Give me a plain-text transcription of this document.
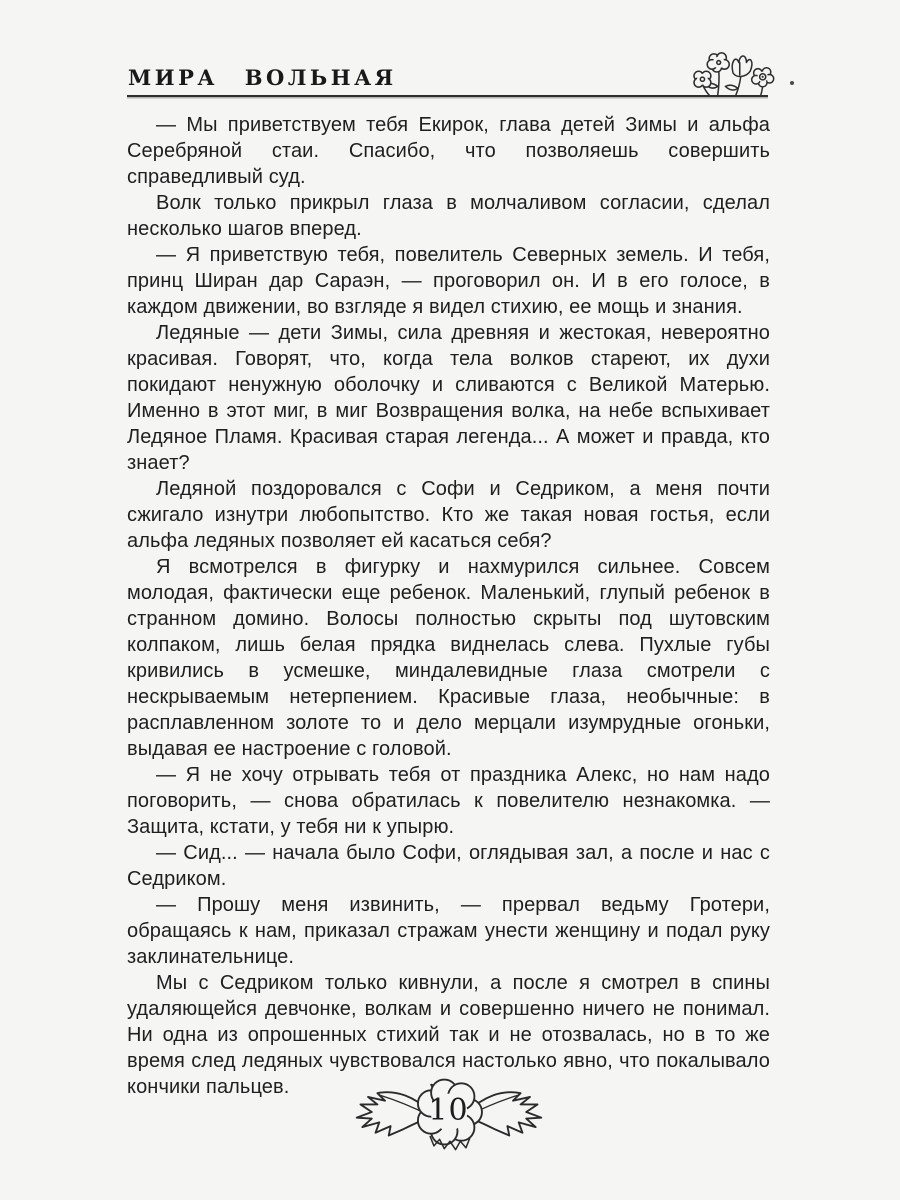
МИРА ВОЛЬНАЯ

— Мы приветствуем тебя Екирок, глава детей Зимы и альфа Серебряной стаи. Спасибо, что позволяешь совершить справедливый суд.

Волк только прикрыл глаза в молчаливом согласии, сделал несколько шагов вперед.

— Я приветствую тебя, повелитель Северных земель. И тебя, принц Ширан дар Сараэн, — проговорил он. И в его голосе, в каждом движении, во взгляде я видел стихию, ее мощь и знания.

Ледяные — дети Зимы, сила древняя и жестокая, невероятно красивая. Говорят, что, когда тела волков стареют, их духи покидают ненужную оболочку и сливаются с Великой Матерью. Именно в этот миг, в миг Возвращения волка, на небе вспыхивает Ледяное Пламя. Красивая старая легенда... А может и правда, кто знает?

Ледяной поздоровался с Софи и Седриком, а меня почти сжигало изнутри любопытство. Кто же такая новая гостья, если альфа ледяных позволяет ей касаться себя?

Я всмотрелся в фигурку и нахмурился сильнее. Совсем молодая, фактически еще ребенок. Маленький, глупый ребенок в странном домино. Волосы полностью скрыты под шутовским колпаком, лишь белая прядка виднелась слева. Пухлые губы кривились в усмешке, миндалевидные глаза смотрели с нескрываемым нетерпением. Красивые глаза, необычные: в расплавленном золоте то и дело мерцали изумрудные огоньки, выдавая ее настроение с головой.

— Я не хочу отрывать тебя от праздника Алекс, но нам надо поговорить, — снова обратилась к повелителю незнакомка. — Защита, кстати, у тебя ни к упырю.

— Сид... — начала было Софи, оглядывая зал, а после и нас с Седриком.

— Прошу меня извинить, — прервал ведьму Гротери, обращаясь к нам, приказал стражам унести женщину и подал руку заклинательнице.

Мы с Седриком только кивнули, а после я смотрел в спины удаляющейся девчонке, волкам и совершенно ничего не понимал. Ни одна из опрошенных стихий так и не отозвалась, но в то же время след ледяных чувствовался настолько явно, что покалывало кончики пальцев.

10
